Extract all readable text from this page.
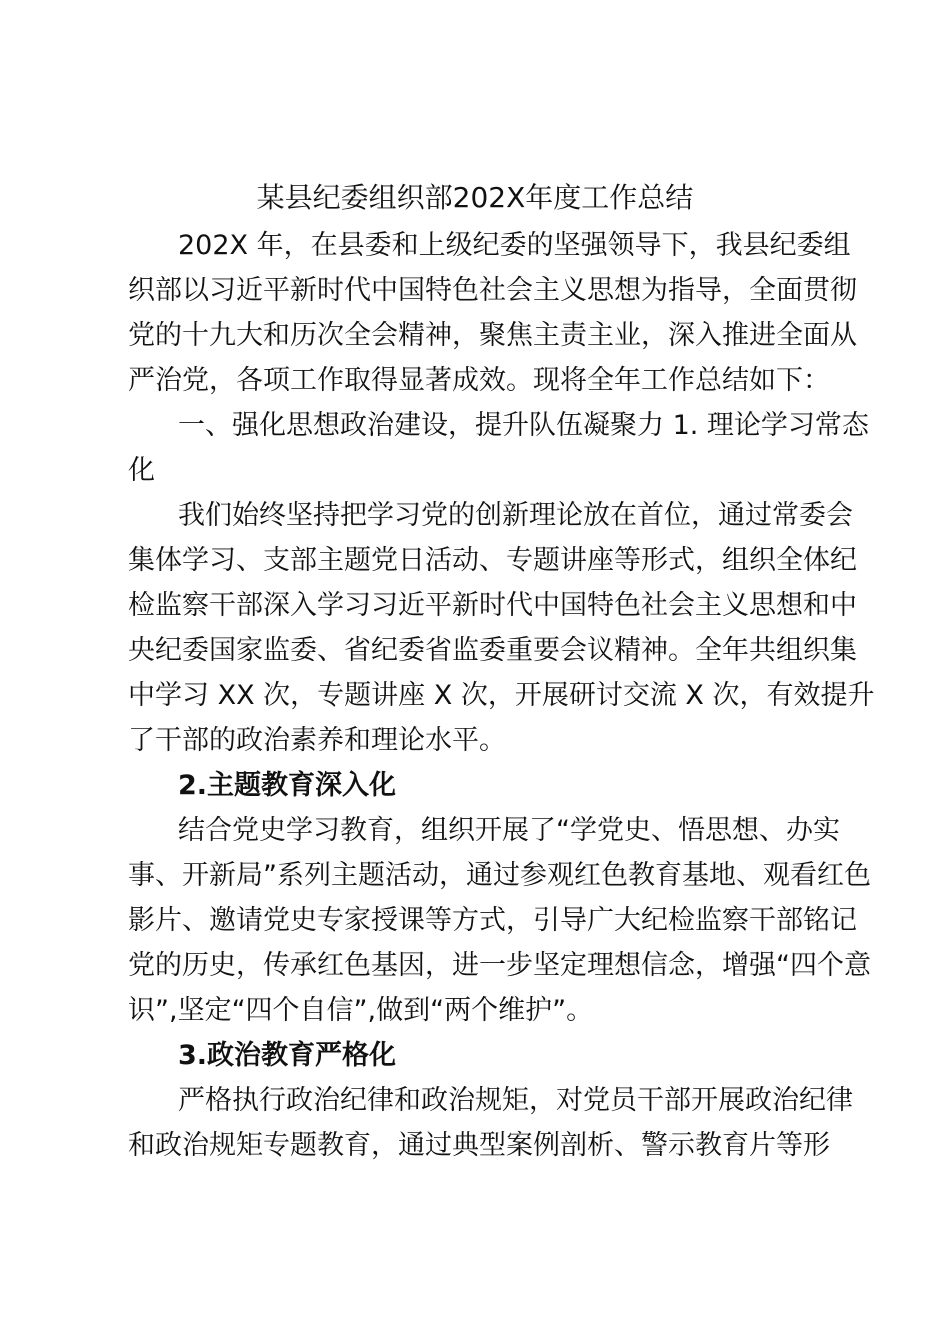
某县纪委组织部202X年度工作总结
202X 年，在县委和上级纪委的坚强领导下，我县纪委组
织部以习近平新时代中国特色社会主义思想为指导，全面贯彻
党的十九大和历次全会精神，聚焦主责主业，深入推进全面从
严治党，各项工作取得显著成效。现将全年工作总结如下：
一、强化思想政治建设，提升队伍凝聚力 1. 理论学习常态
化
我们始终坚持把学习党的创新理论放在首位，通过常委会
集体学习、支部主题党日活动、专题讲座等形式，组织全体纪
检监察干部深入学习习近平新时代中国特色社会主义思想和中
央纪委国家监委、省纪委省监委重要会议精神。全年共组织集
中学习 XX 次，专题讲座 X 次，开展研讨交流 X 次，有效提升
了干部的政治素养和理论水平。
2.主题教育深入化
结合党史学习教育，组织开展了“学党史、悟思想、办实
事、开新局”系列主题活动，通过参观红色教育基地、观看红色
影片、邀请党史专家授课等方式，引导广大纪检监察干部铭记
党的历史，传承红色基因，进一步坚定理想信念，增强“四个意
识”,坚定“四个自信”,做到“两个维护”。
3.政治教育严格化
严格执行政治纪律和政治规矩，对党员干部开展政治纪律
和政治规矩专题教育，通过典型案例剖析、警示教育片等形
